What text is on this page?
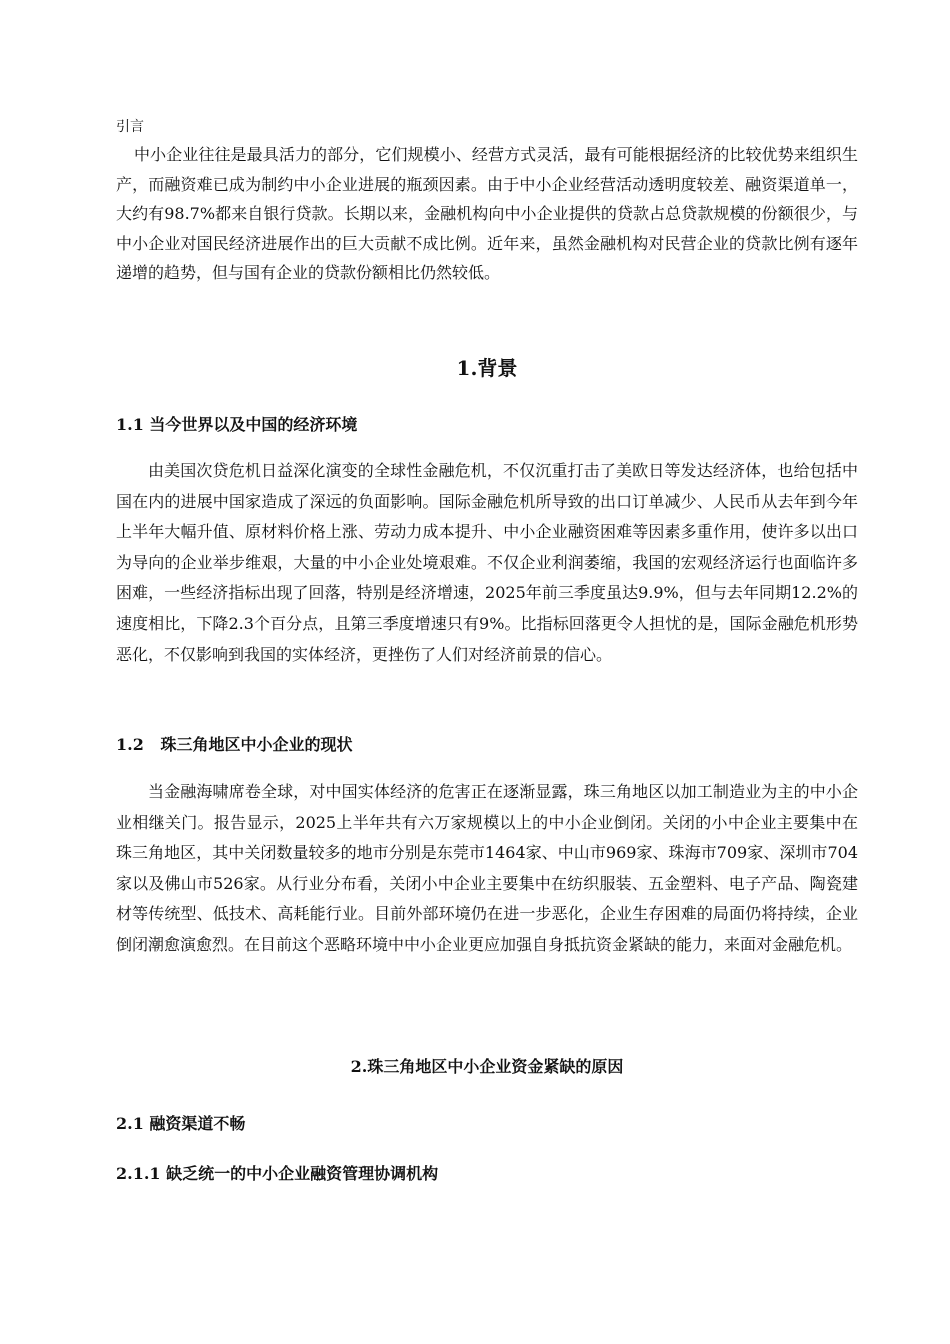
引言

中小企业往往是最具活力的部分，它们规模小、经营方式灵活，最有可能根据经济的比较优势来组织生产，而融资难已成为制约中小企业进展的瓶颈因素。由于中小企业经营活动透明度较差、融资渠道单一，大约有98.7%都来自银行贷款。长期以来，金融机构向中小企业提供的贷款占总贷款规模的份额很少，与中小企业对国民经济进展作出的巨大贡献不成比例。近年来，虽然金融机构对民营企业的贷款比例有逐年递增的趋势，但与国有企业的贷款份额相比仍然较低。

1.背景
1.1 当今世界以及中国的经济环境

由美国次贷危机日益深化演变的全球性金融危机，不仅沉重打击了美欧日等发达经济体，也给包括中国在内的进展中国家造成了深远的负面影响。国际金融危机所导致的出口订单减少、人民币从去年到今年上半年大幅升值、原材料价格上涨、劳动力成本提升、中小企业融资困难等因素多重作用，使许多以出口为导向的企业举步维艰，大量的中小企业处境艰难。不仅企业利润萎缩，我国的宏观经济运行也面临许多困难，一些经济指标出现了回落，特别是经济增速，2025年前三季度虽达9.9%，但与去年同期12.2%的速度相比，下降2.3个百分点，且第三季度增速只有9%。比指标回落更令人担忧的是，国际金融危机形势恶化，不仅影响到我国的实体经济，更挫伤了人们对经济前景的信心。

1.2   珠三角地区中小企业的现状

当金融海啸席卷全球，对中国实体经济的危害正在逐渐显露，珠三角地区以加工制造业为主的中小企业相继关门。报告显示，2025上半年共有六万家规模以上的中小企业倒闭。关闭的小中企业主要集中在珠三角地区，其中关闭数量较多的地市分别是东莞市1464家、中山市969家、珠海市709家、深圳市704家以及佛山市526家。从行业分布看，关闭小中企业主要集中在纺织服装、五金塑料、电子产品、陶瓷建材等传统型、低技术、高耗能行业。目前外部环境仍在进一步恶化，企业生存困难的局面仍将持续，企业倒闭潮愈演愈烈。在目前这个恶略环境中中小企业更应加强自身抵抗资金紧缺的能力，来面对金融危机。

2.珠三角地区中小企业资金紧缺的原因
2.1 融资渠道不畅
2.1.1 缺乏统一的中小企业融资管理协调机构
